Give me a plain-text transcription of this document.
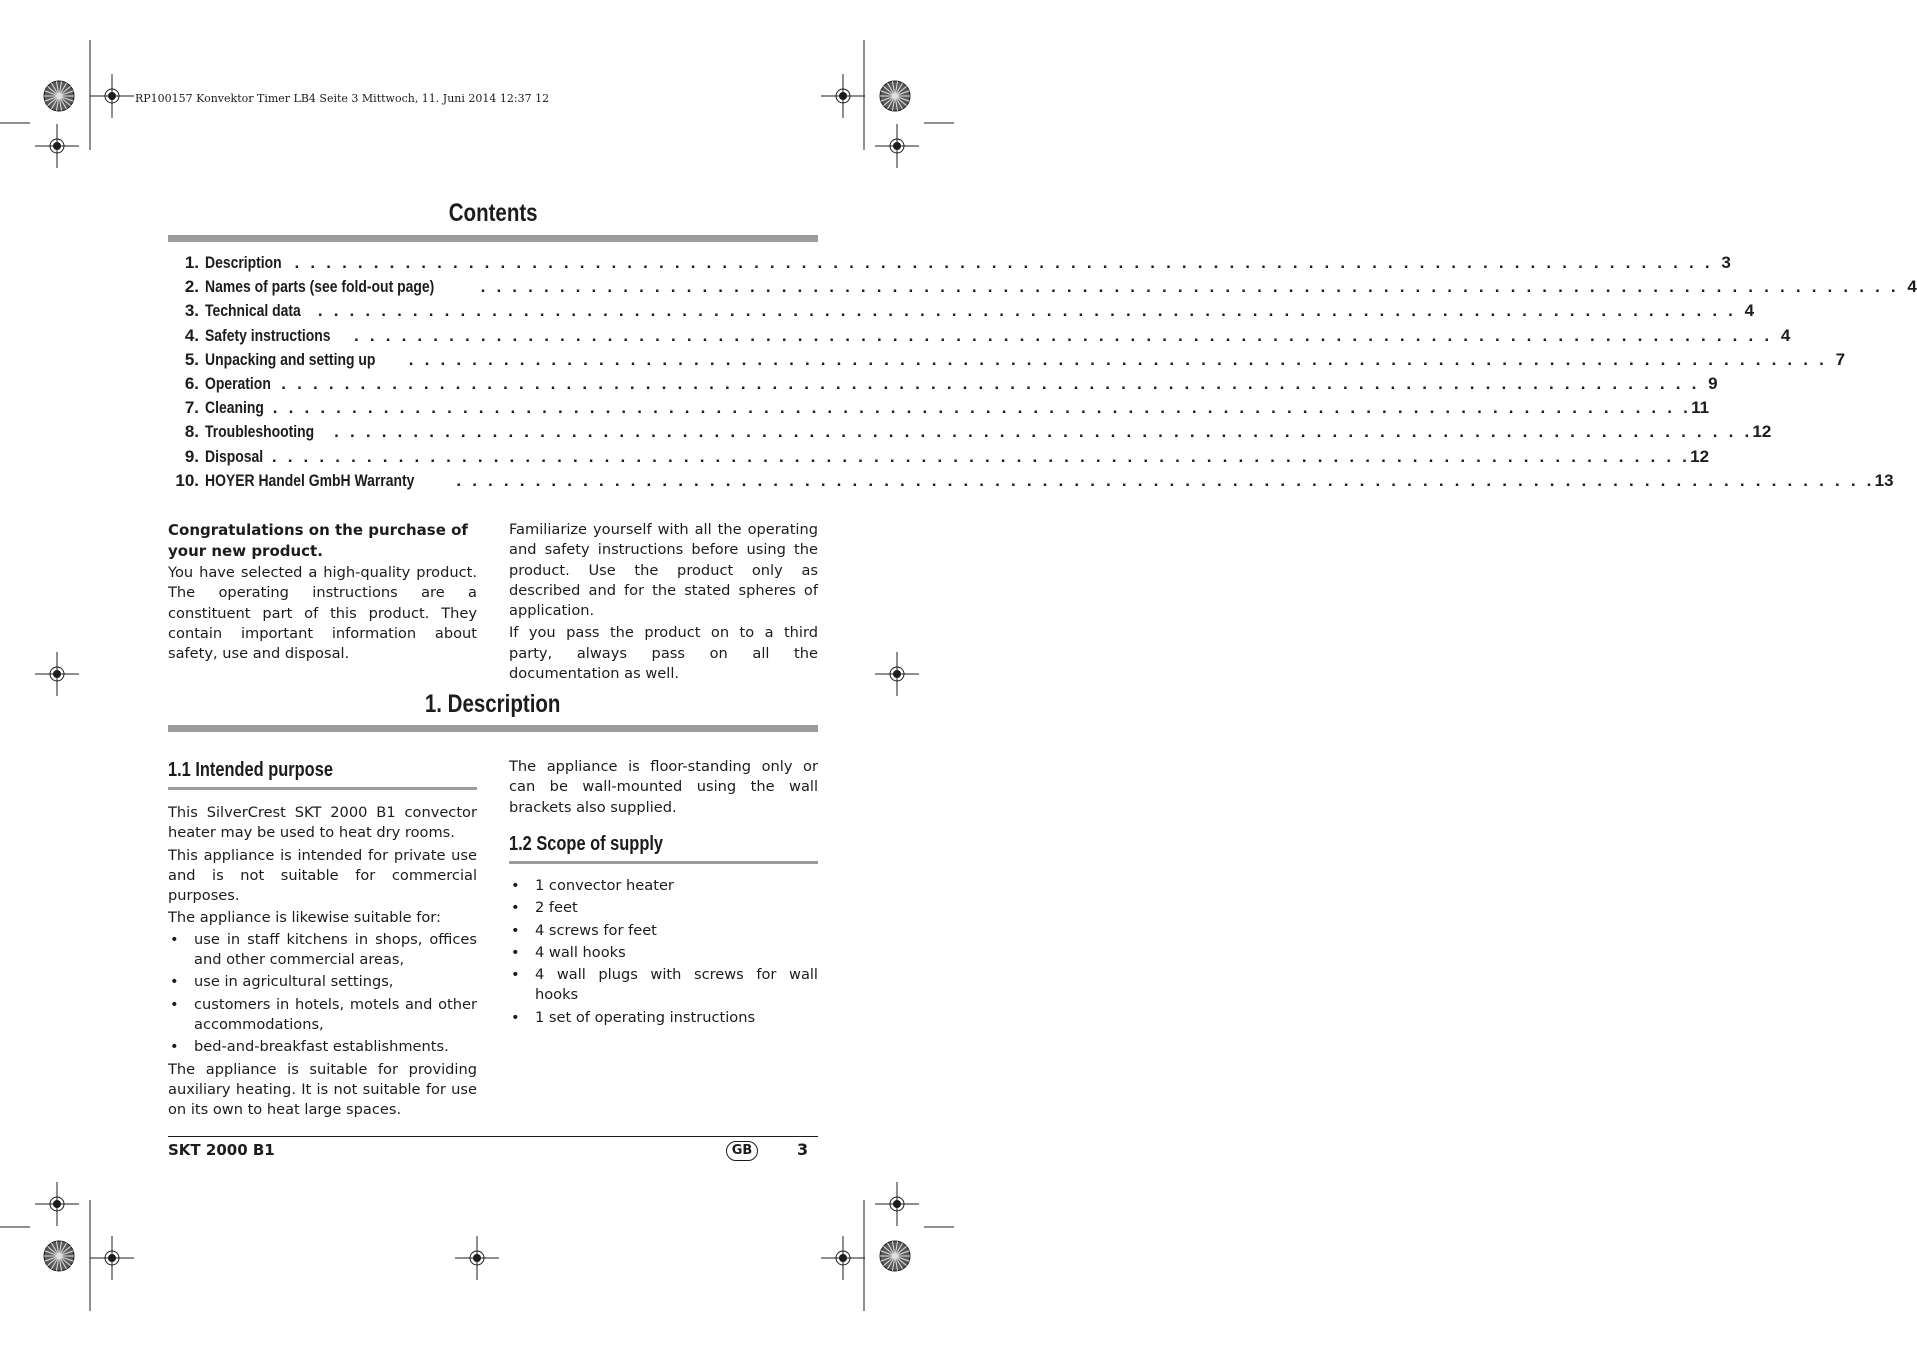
RP100157 Konvektor Timer LB4 Seite 3 Mittwoch, 11. Juni 2014 12:37 12
Contents
1. Description . . . . . . . . . . . . . . . . . . . . . . . . . . . . . . . . . . . . . . . . . . . . . . . . . . . . . . . . . . . . . . . . . . . . . . . . . . . . . . . . . . . . . . . . . . 3
2. Names of parts (see fold-out page)	. . . . . . . . . . . . . . . . . . . . . . . . . . . . . . . . . . . . . . . . . . . . . . . . . . . . . . . . . . . . . . . . . . . . . . . . . . . . . . . . . . . . . . . . . . 4
3. Technical data . . . . . . . . . . . . . . . . . . . . . . . . . . . . . . . . . . . . . . . . . . . . . . . . . . . . . . . . . . . . . . . . . . . . . . . . . . . . . . . . . . . . . . . . . . 4
4. Safety instructions . . . . . . . . . . . . . . . . . . . . . . . . . . . . . . . . . . . . . . . . . . . . . . . . . . . . . . . . . . . . . . . . . . . . . . . . . . . . . . . . . . . . . . . . . . 4
5. Unpacking and setting up . . . . . . . . . . . . . . . . . . . . . . . . . . . . . . . . . . . . . . . . . . . . . . . . . . . . . . . . . . . . . . . . . . . . . . . . . . . . . . . . . . . . . . . . . . 7
6. Operation . . . . . . . . . . . . . . . . . . . . . . . . . . . . . . . . . . . . . . . . . . . . . . . . . . . . . . . . . . . . . . . . . . . . . . . . . . . . . . . . . . . . . . . . . . 9
7. Cleaning . . . . . . . . . . . . . . . . . . . . . . . . . . . . . . . . . . . . . . . . . . . . . . . . . . . . . . . . . . . . . . . . . . . . . . . . . . . . . . . . . . . . . . . . . . 11
8. Troubleshooting . . . . . . . . . . . . . . . . . . . . . . . . . . . . . . . . . . . . . . . . . . . . . . . . . . . . . . . . . . . . . . . . . . . . . . . . . . . . . . . . . . . . . . . . . . 12
9. Disposal . . . . . . . . . . . . . . . . . . . . . . . . . . . . . . . . . . . . . . . . . . . . . . . . . . . . . . . . . . . . . . . . . . . . . . . . . . . . . . . . . . . . . . . . . . 12
10. HOYER Handel GmbH Warranty . . . . . . . . . . . . . . . . . . . . . . . . . . . . . . . . . . . . . . . . . . . . . . . . . . . . . . . . . . . . . . . . . . . . . . . . . . . . . . . . . . . . . . . . . . 13

Congratulations on the purchase of your new product.

You have selected a high-quality product. The operating instructions are a constituent part of this product. They contain important information about safety, use and disposal.

Familiarize yourself with all the operating and safety instructions before using the product. Use the product only as described and for the stated spheres of application.

If you pass the product on to a third party, always pass on all the documentation as well.

1. Description
1.1 Intended purpose

This SilverCrest SKT 2000 B1 convector heater may be used to heat dry rooms.

This appliance is intended for private use and is not suitable for commercial purposes.

The appliance is likewise suitable for:

• use in staff kitchens in shops, offices and other commercial areas,
• use in agricultural settings,
• customers in hotels, motels and other accommodations,
• bed-and-breakfast establishments.

The appliance is suitable for providing auxiliary heating. It is not suitable for use on its own to heat large spaces.

The appliance is floor-standing only or can be wall-mounted using the wall brackets also supplied.
1.2 Scope of supply
• 1 convector heater
• 2 feet
• 4 screws for feet
• 4 wall hooks
• 4 wall plugs with screws for wall hooks
• 1 set of operating instructions
SKT 2000 B1	GB	3
